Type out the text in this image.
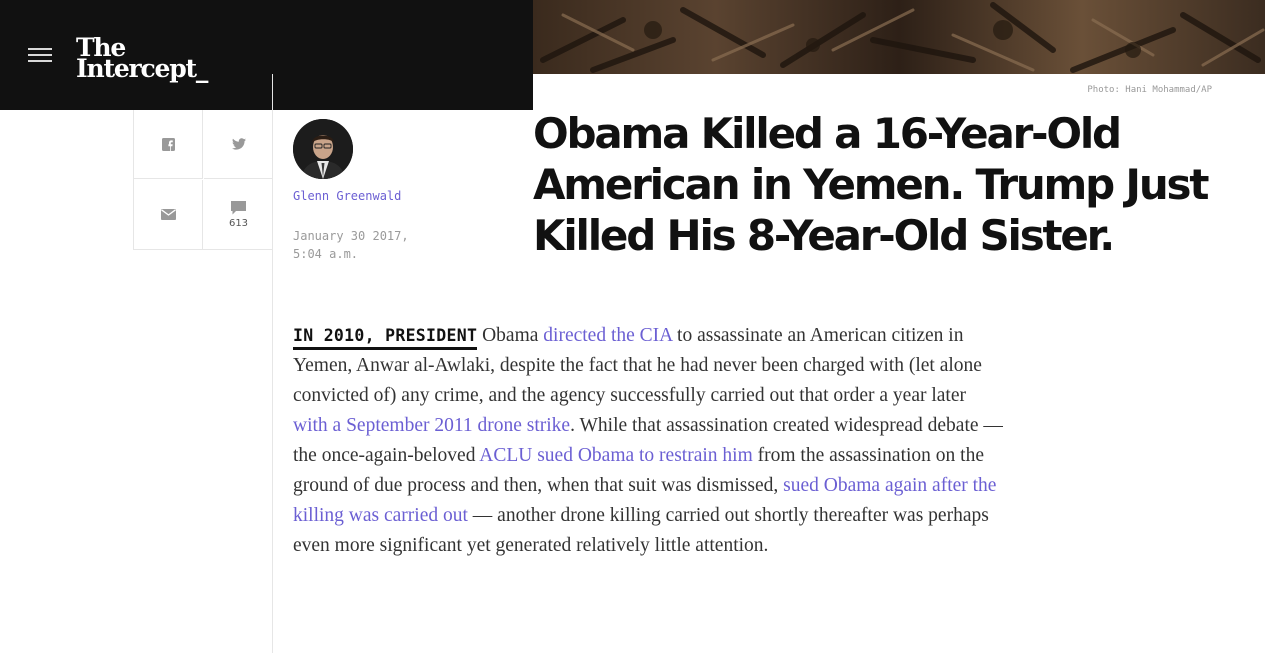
The
Intercept_
Photo: Hani Mohammad/AP
613
Glenn Greenwald
January 30 2017,
5:04 a.m.
Obama Killed a 16-Year-Old American in Yemen. Trump Just Killed His 8-Year-Old Sister.

IN 2010, PRESIDENT Obama directed the CIA to assassinate an American citizen in Yemen, Anwar al-Awlaki, despite the fact that he had never been charged with (let alone convicted of) any crime, and the agency successfully carried out that order a year later with a September 2011 drone strike. While that assassination created widespread debate — the once-again-beloved ACLU sued Obama to restrain him from the assassination on the ground of due process and then, when that suit was dismissed, sued Obama again after the killing was carried out — another drone killing carried out shortly thereafter was perhaps even more significant yet generated relatively little attention.
